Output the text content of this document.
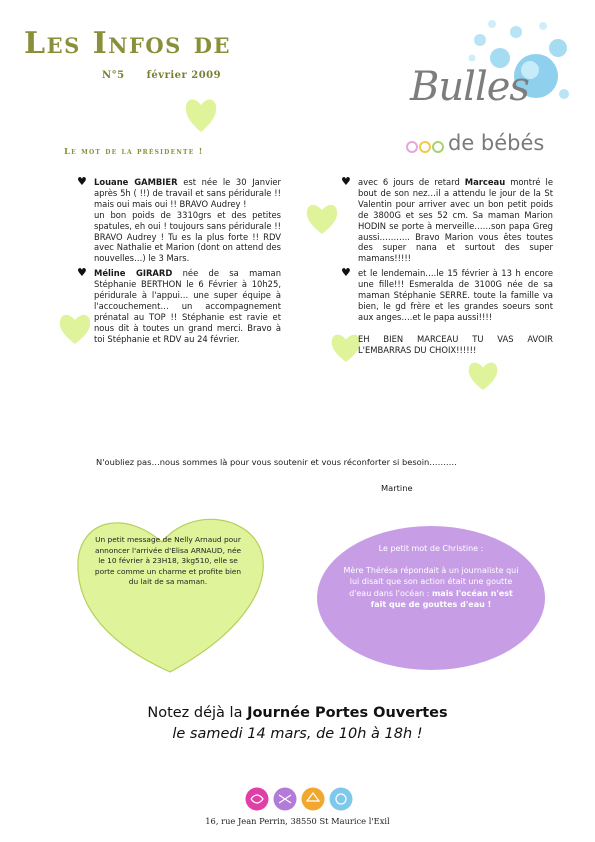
Les Infos de
N°5 février 2009	Bulles
de bébés
Le mot de la présidente !
♥ Louane GAMBIER est née le 30 Janvier après 5h ( !!) de travail et sans péridurale !! mais oui mais oui !! BRAVO Audrey !

un bon poids de 3310grs et des petites spatules, eh oui ! toujours sans péridurale !! BRAVO Audrey ! Tu es la plus forte !! RDV avec Nathalie et Marion (dont on attend des nouvelles…) le 3 Mars.

♥ Méline GIRARD née de sa maman Stéphanie BERTHON le 6 Février à 10h25, péridurale à l'appui… une super équipe à l'accouchement… un accompagnement prénatal au TOP !! Stéphanie est ravie et nous dit à toutes un grand merci. Bravo à toi Stéphanie et RDV au 24 février.

♥ avec 6 jours de retard Marceau montré le bout de son nez…il a attendu le jour de la St Valentin pour arriver avec un bon petit poids de 3800G et ses 52 cm. Sa maman Marion HODIN se porte à merveille……son papa Greg aussi……….. Bravo Marion vous êtes toutes des super nana et surtout des super mamans!!!!!

♥ et le lendemain….le 15 février à 13 h encore une fille!!! Esmeralda de 3100G née de sa maman Stéphanie SERRE. toute la famille va bien, le gd frère et les grandes soeurs sont aux anges….et le papa aussi!!!!

EH BIEN MARCEAU TU VAS AVOIR L'EMBARRAS DU CHOIX!!!!!!

N'oubliez pas…nous sommes là pour vous soutenir et vous réconforter si besoin……….
Martine
Un petit message de Nelly Arnaud pour annoncer l'arrivée d'Elisa ARNAUD, née le 10 février à 23H18, 3kg510, elle se porte comme un charme et profite bien du lait de sa maman.
Le petit mot de Christine :
Mère Thérésa répondait à un journaliste qui lui disait que son action était une goutte d'eau dans l'océan : mais l'océan n'est fait que de gouttes d'eau !
Notez déjà la Journée Portes Ouvertes
le samedi 14 mars, de 10h à 18h !
16, rue Jean Perrin, 38550 St Maurice l'Exil
